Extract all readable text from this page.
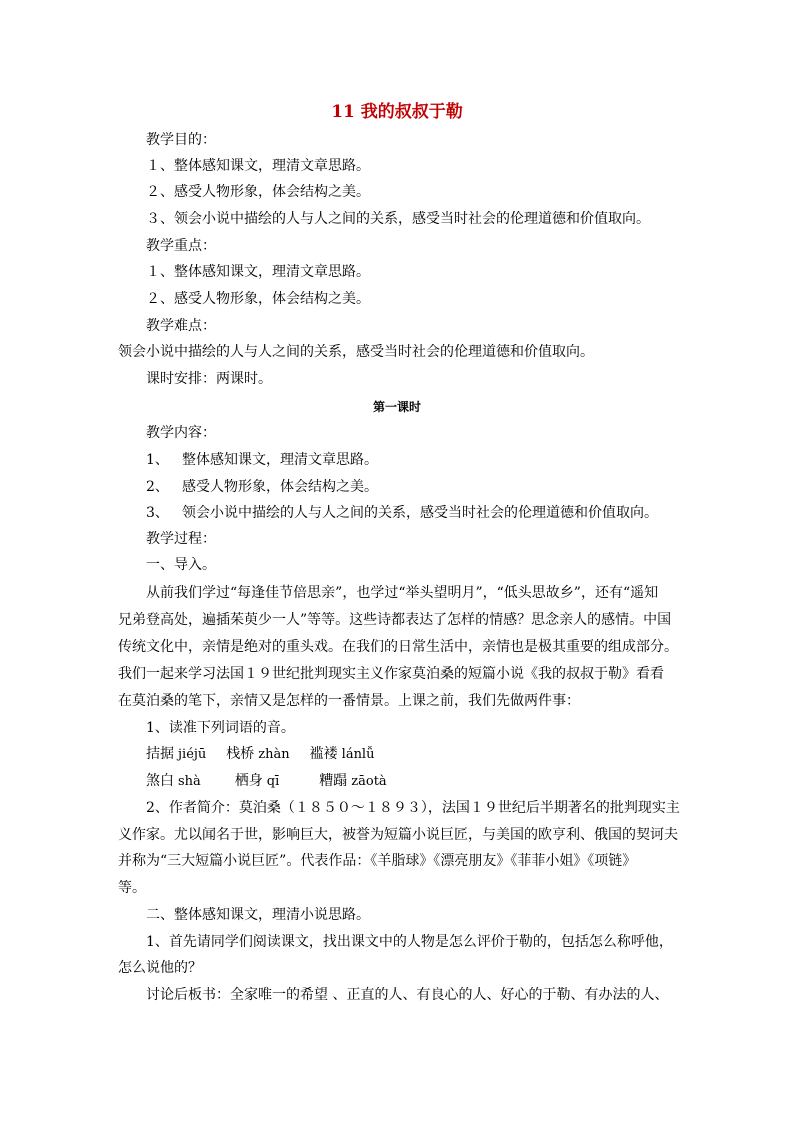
11 我的叔叔于勒
教学目的：
１、整体感知课文，理清文章思路。
２、感受人物形象，体会结构之美。
３、领会小说中描绘的人与人之间的关系，感受当时社会的伦理道德和价值取向。
教学重点：
１、整体感知课文，理清文章思路。
２、感受人物形象，体会结构之美。
教学难点：
领会小说中描绘的人与人之间的关系，感受当时社会的伦理道德和价值取向。
课时安排：两课时。
第一课时
教学内容：
1、 整体感知课文，理清文章思路。
2、 感受人物形象，体会结构之美。
3、 领会小说中描绘的人与人之间的关系，感受当时社会的伦理道德和价值取向。
教学过程：
一、导入。
从前我们学过“每逢佳节倍思亲”，也学过“举头望明月”，“低头思故乡”，还有“遥知
兄弟登高处，遍插茱萸少一人”等等。这些诗都表达了怎样的情感？思念亲人的感情。中国
传统文化中，亲情是绝对的重头戏。在我们的日常生活中，亲情也是极其重要的组成部分。
我们一起来学习法国１９世纪批判现实主义作家莫泊桑的短篇小说《我的叔叔于勒》看看
在莫泊桑的笔下，亲情又是怎样的一番情景。上课之前，我们先做两件事：
1、读准下列词语的音。
拮据 jiéjū 栈桥 zhàn 褴褛 lánlǚ
煞白 shà 栖身 qī	糟蹋 zāotà
2、作者简介：莫泊桑（１８５０～１８９３），法国１９世纪后半期著名的批判现实主
义作家。尤以闻名于世，影响巨大，被誉为短篇小说巨匠，与美国的欧亨利、俄国的契诃夫
并称为“三大短篇小说巨匠”。代表作品：《羊脂球》《漂亮朋友》《菲菲小姐》《项链》
等。
二、整体感知课文，理清小说思路。
1、首先请同学们阅读课文，找出课文中的人物是怎么评价于勒的，包括怎么称呼他，
怎么说他的？
讨论后板书：全家唯一的希望 、正直的人、有良心的人、好心的于勒、有办法的人、
